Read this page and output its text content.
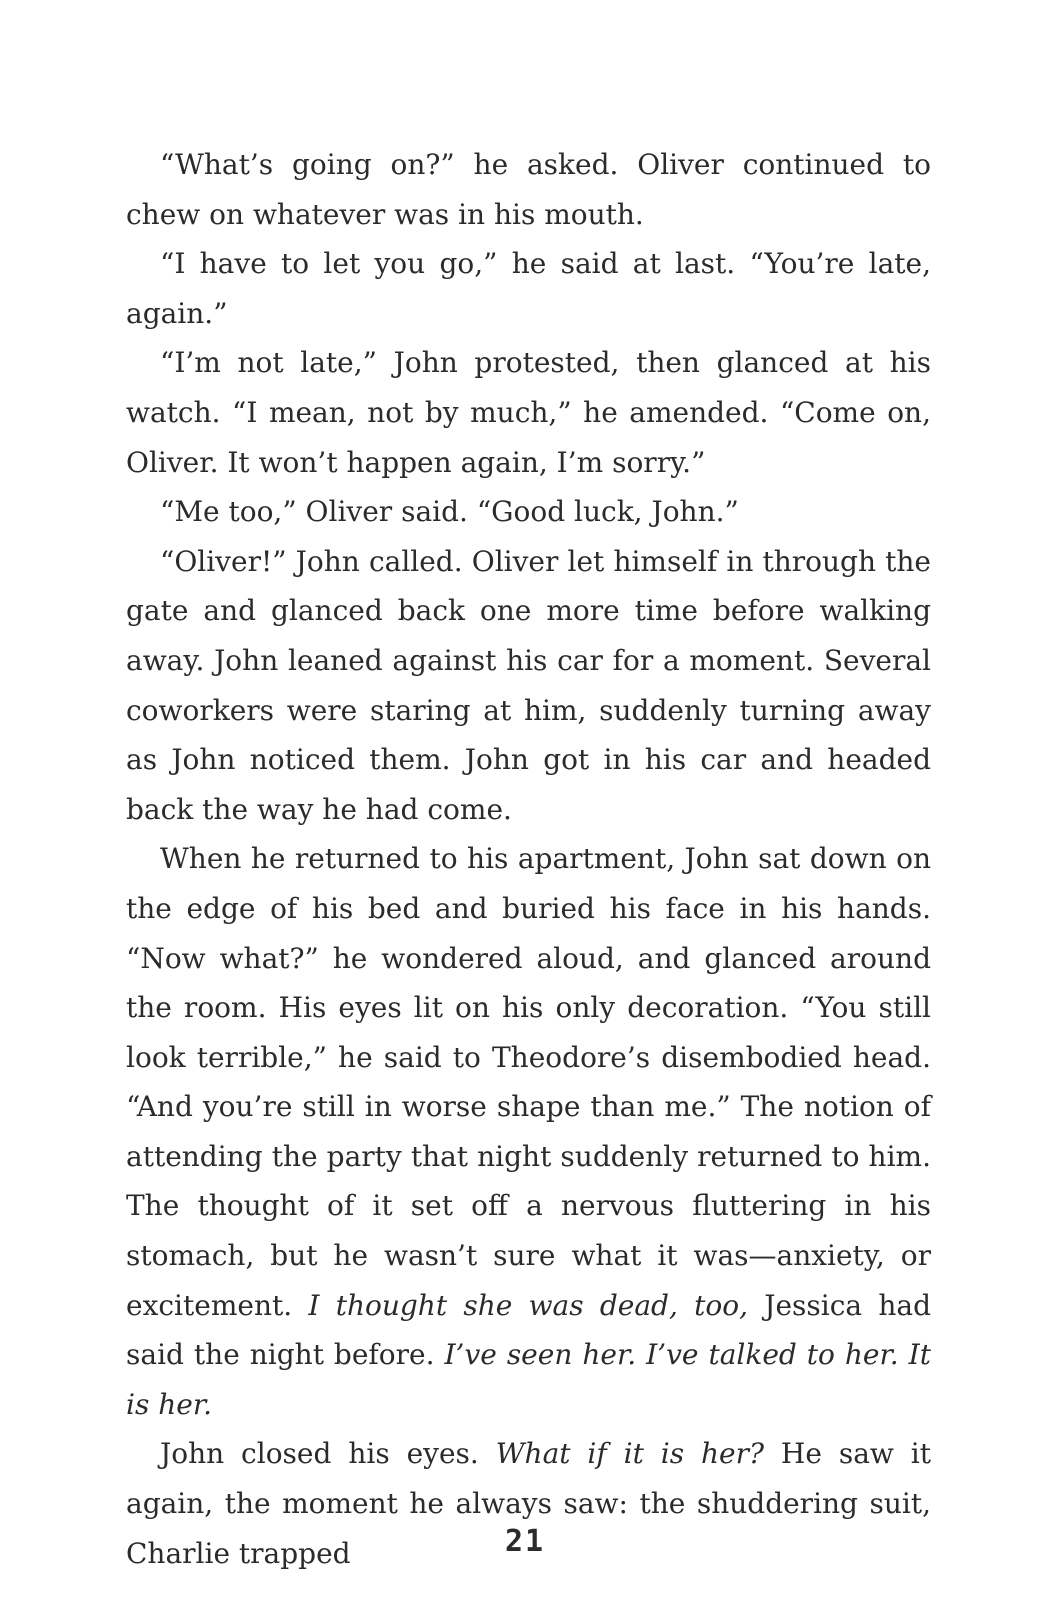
“What’s going on?” he asked. Oliver continued to chew on whatever was in his mouth.

“I have to let you go,” he said at last. “You’re late, again.”

“I’m not late,” John protested, then glanced at his watch. “I mean, not by much,” he amended. “Come on, Oliver. It won’t happen again, I’m sorry.”

“Me too,” Oliver said. “Good luck, John.”

“Oliver!” John called. Oliver let himself in through the gate and glanced back one more time before walking away. John leaned against his car for a moment. Several coworkers were staring at him, suddenly turning away as John noticed them. John got in his car and headed back the way he had come.

When he returned to his apartment, John sat down on the edge of his bed and buried his face in his hands. “Now what?” he wondered aloud, and glanced around the room. His eyes lit on his only decoration. “You still look terrible,” he said to Theodore’s disembodied head. “And you’re still in worse shape than me.” The notion of attending the party that night suddenly returned to him. The thought of it set off a nervous fluttering in his stomach, but he wasn’t sure what it was—anxiety, or excitement. I thought she was dead, too, Jessica had said the night before. I’ve seen her. I’ve talked to her. It is her.

John closed his eyes. What if it is her? He saw it again, the moment he always saw: the shuddering suit, Charlie trapped	21
